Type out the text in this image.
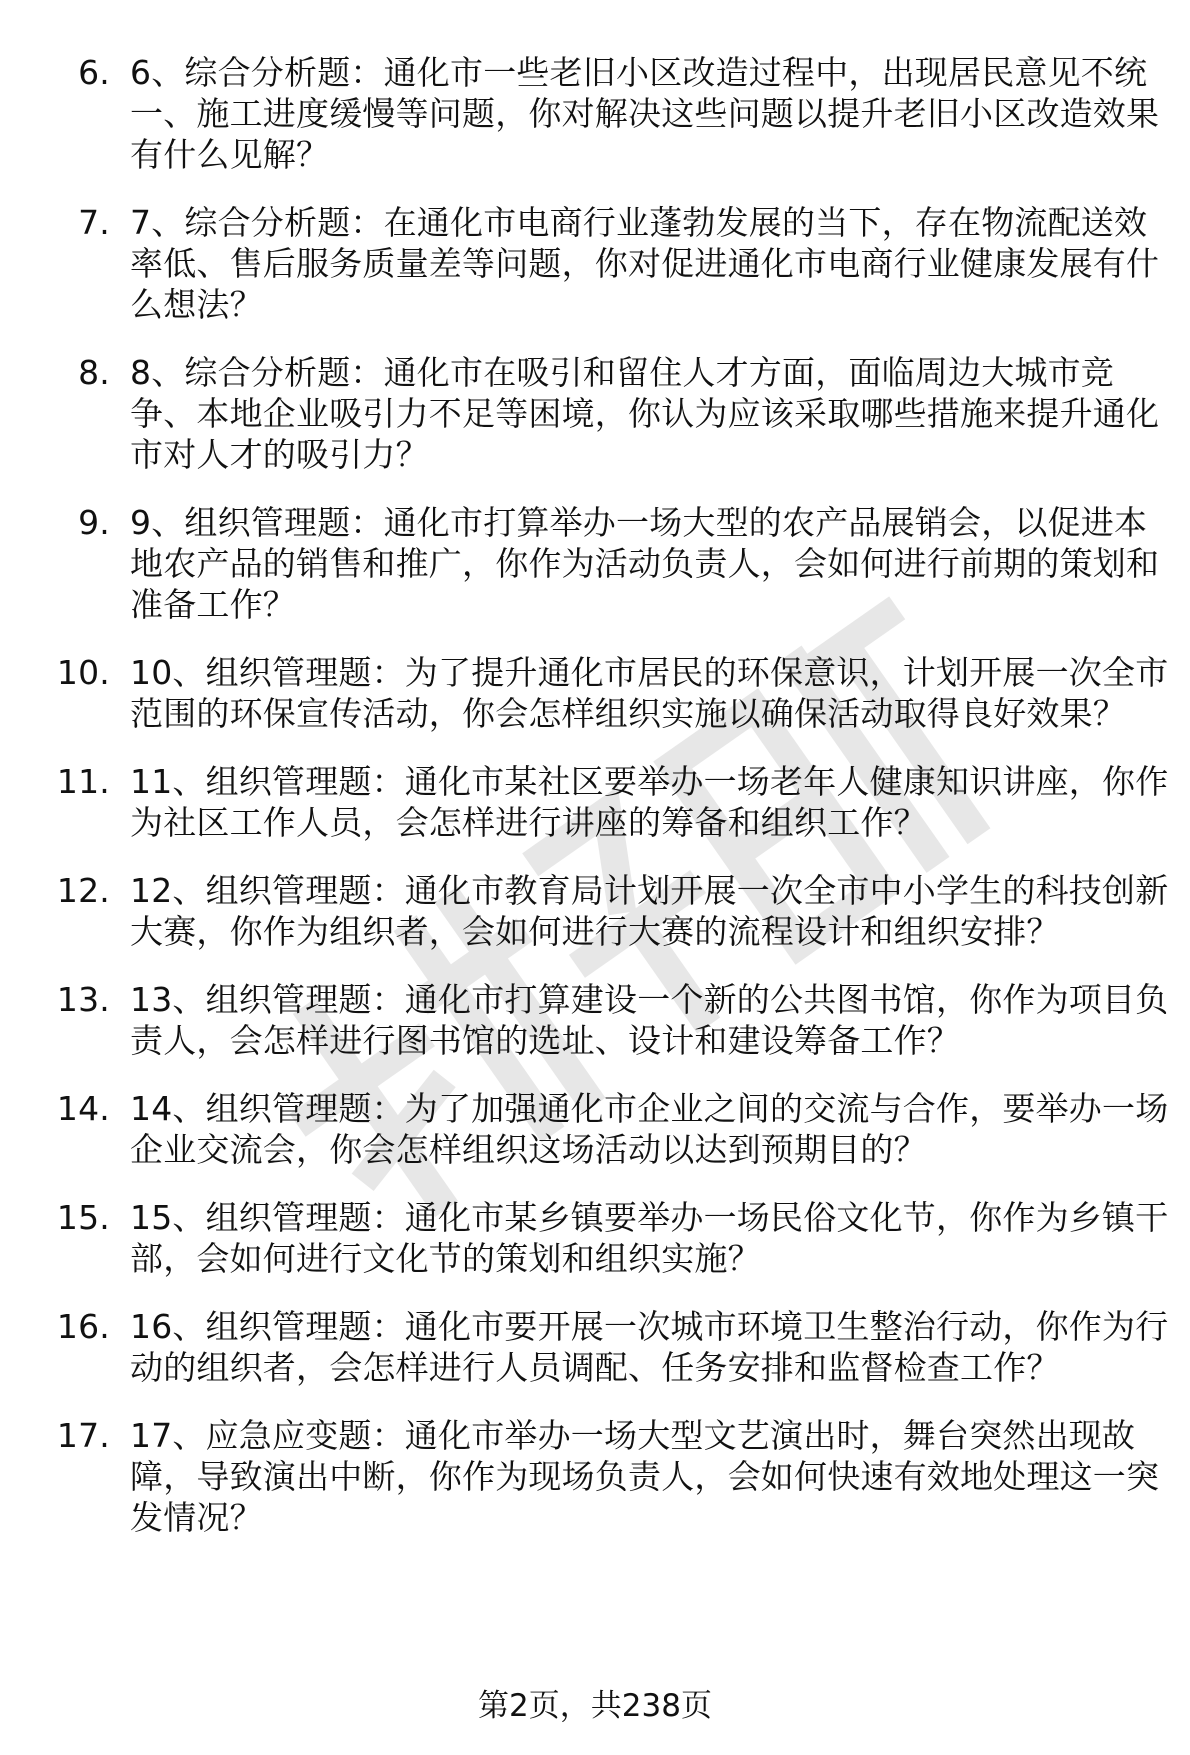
6. 6、综合分析题：通化市一些老旧小区改造过程中，出现居民意见不统一、施工进度缓慢等问题，你对解决这些问题以提升老旧小区改造效果有什么见解？
7. 7、综合分析题：在通化市电商行业蓬勃发展的当下，存在物流配送效率低、售后服务质量差等问题，你对促进通化市电商行业健康发展有什么想法？
8. 8、综合分析题：通化市在吸引和留住人才方面，面临周边大城市竞争、本地企业吸引力不足等困境，你认为应该采取哪些措施来提升通化市对人才的吸引力？
9. 9、组织管理题：通化市打算举办一场大型的农产品展销会，以促进本地农产品的销售和推广，你作为活动负责人，会如何进行前期的策划和准备工作？
10. 10、组织管理题：为了提升通化市居民的环保意识，计划开展一次全市范围的环保宣传活动，你会怎样组织实施以确保活动取得良好效果？
11. 11、组织管理题：通化市某社区要举办一场老年人健康知识讲座，你作为社区工作人员，会怎样进行讲座的筹备和组织工作？
12. 12、组织管理题：通化市教育局计划开展一次全市中小学生的科技创新大赛，你作为组织者，会如何进行大赛的流程设计和组织安排？
13. 13、组织管理题：通化市打算建设一个新的公共图书馆，你作为项目负责人，会怎样进行图书馆的选址、设计和建设筹备工作？
14. 14、组织管理题：为了加强通化市企业之间的交流与合作，要举办一场企业交流会，你会怎样组织这场活动以达到预期目的？
15. 15、组织管理题：通化市某乡镇要举办一场民俗文化节，你作为乡镇干部，会如何进行文化节的策划和组织实施？
16. 16、组织管理题：通化市要开展一次城市环境卫生整治行动，你作为行动的组织者，会怎样进行人员调配、任务安排和监督检查工作？
17. 17、应急应变题：通化市举办一场大型文艺演出时，舞台突然出现故障，导致演出中断，你作为现场负责人，会如何快速有效地处理这一突发情况？
第2页，共238页
